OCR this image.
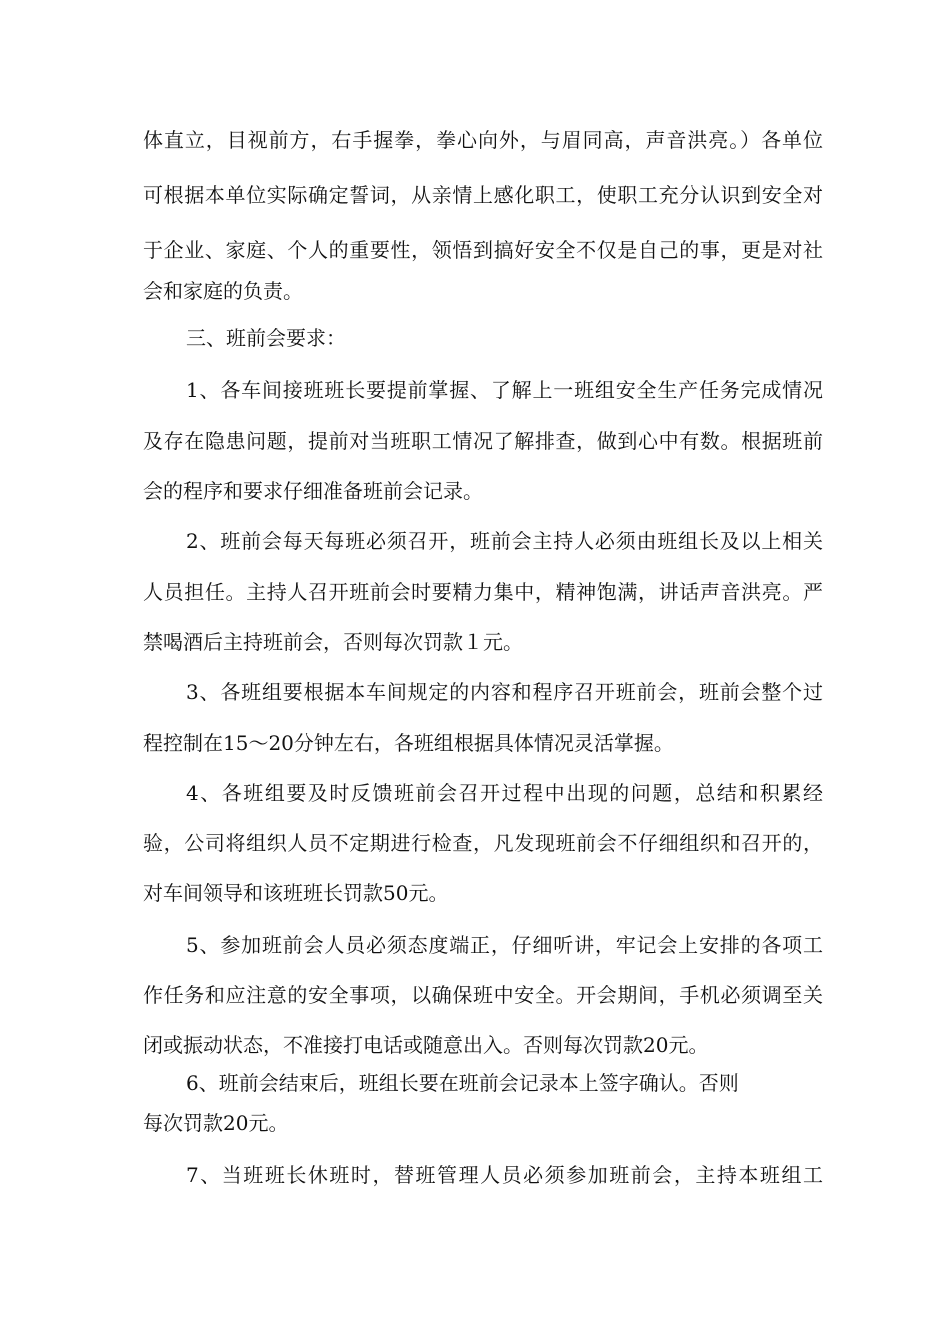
体直立，目视前方，右手握拳，拳心向外，与眉同高，声音洪亮。）各单位
可根据本单位实际确定誓词，从亲情上感化职工，使职工充分认识到安全对
于企业、家庭、个人的重要性，领悟到搞好安全不仅是自己的事，更是对社
会和家庭的负责。
三、班前会要求：
1、各车间接班班长要提前掌握、了解上一班组安全生产任务完成情况
及存在隐患问题，提前对当班职工情况了解排查，做到心中有数。根据班前
会的程序和要求仔细准备班前会记录。
2、班前会每天每班必须召开，班前会主持人必须由班组长及以上相关
人员担任。主持人召开班前会时要精力集中，精神饱满，讲话声音洪亮。严
禁喝酒后主持班前会，否则每次罚款１元。
3、各班组要根据本车间规定的内容和程序召开班前会，班前会整个过
程控制在15〜20分钟左右，各班组根据具体情况灵活掌握。
4、各班组要及时反馈班前会召开过程中出现的问题，总结和积累经
验，公司将组织人员不定期进行检查，凡发现班前会不仔细组织和召开的，
对车间领导和该班班长罚款50元。
5、参加班前会人员必须态度端正，仔细听讲，牢记会上安排的各项工
作任务和应注意的安全事项，以确保班中安全。开会期间，手机必须调至关
闭或振动状态，不准接打电话或随意出入。否则每次罚款20元。
6、班前会结束后，班组长要在班前会记录本上签字确认。否则
每次罚款20元。
7、当班班长休班时，替班管理人员必须参加班前会，主持本班组工
